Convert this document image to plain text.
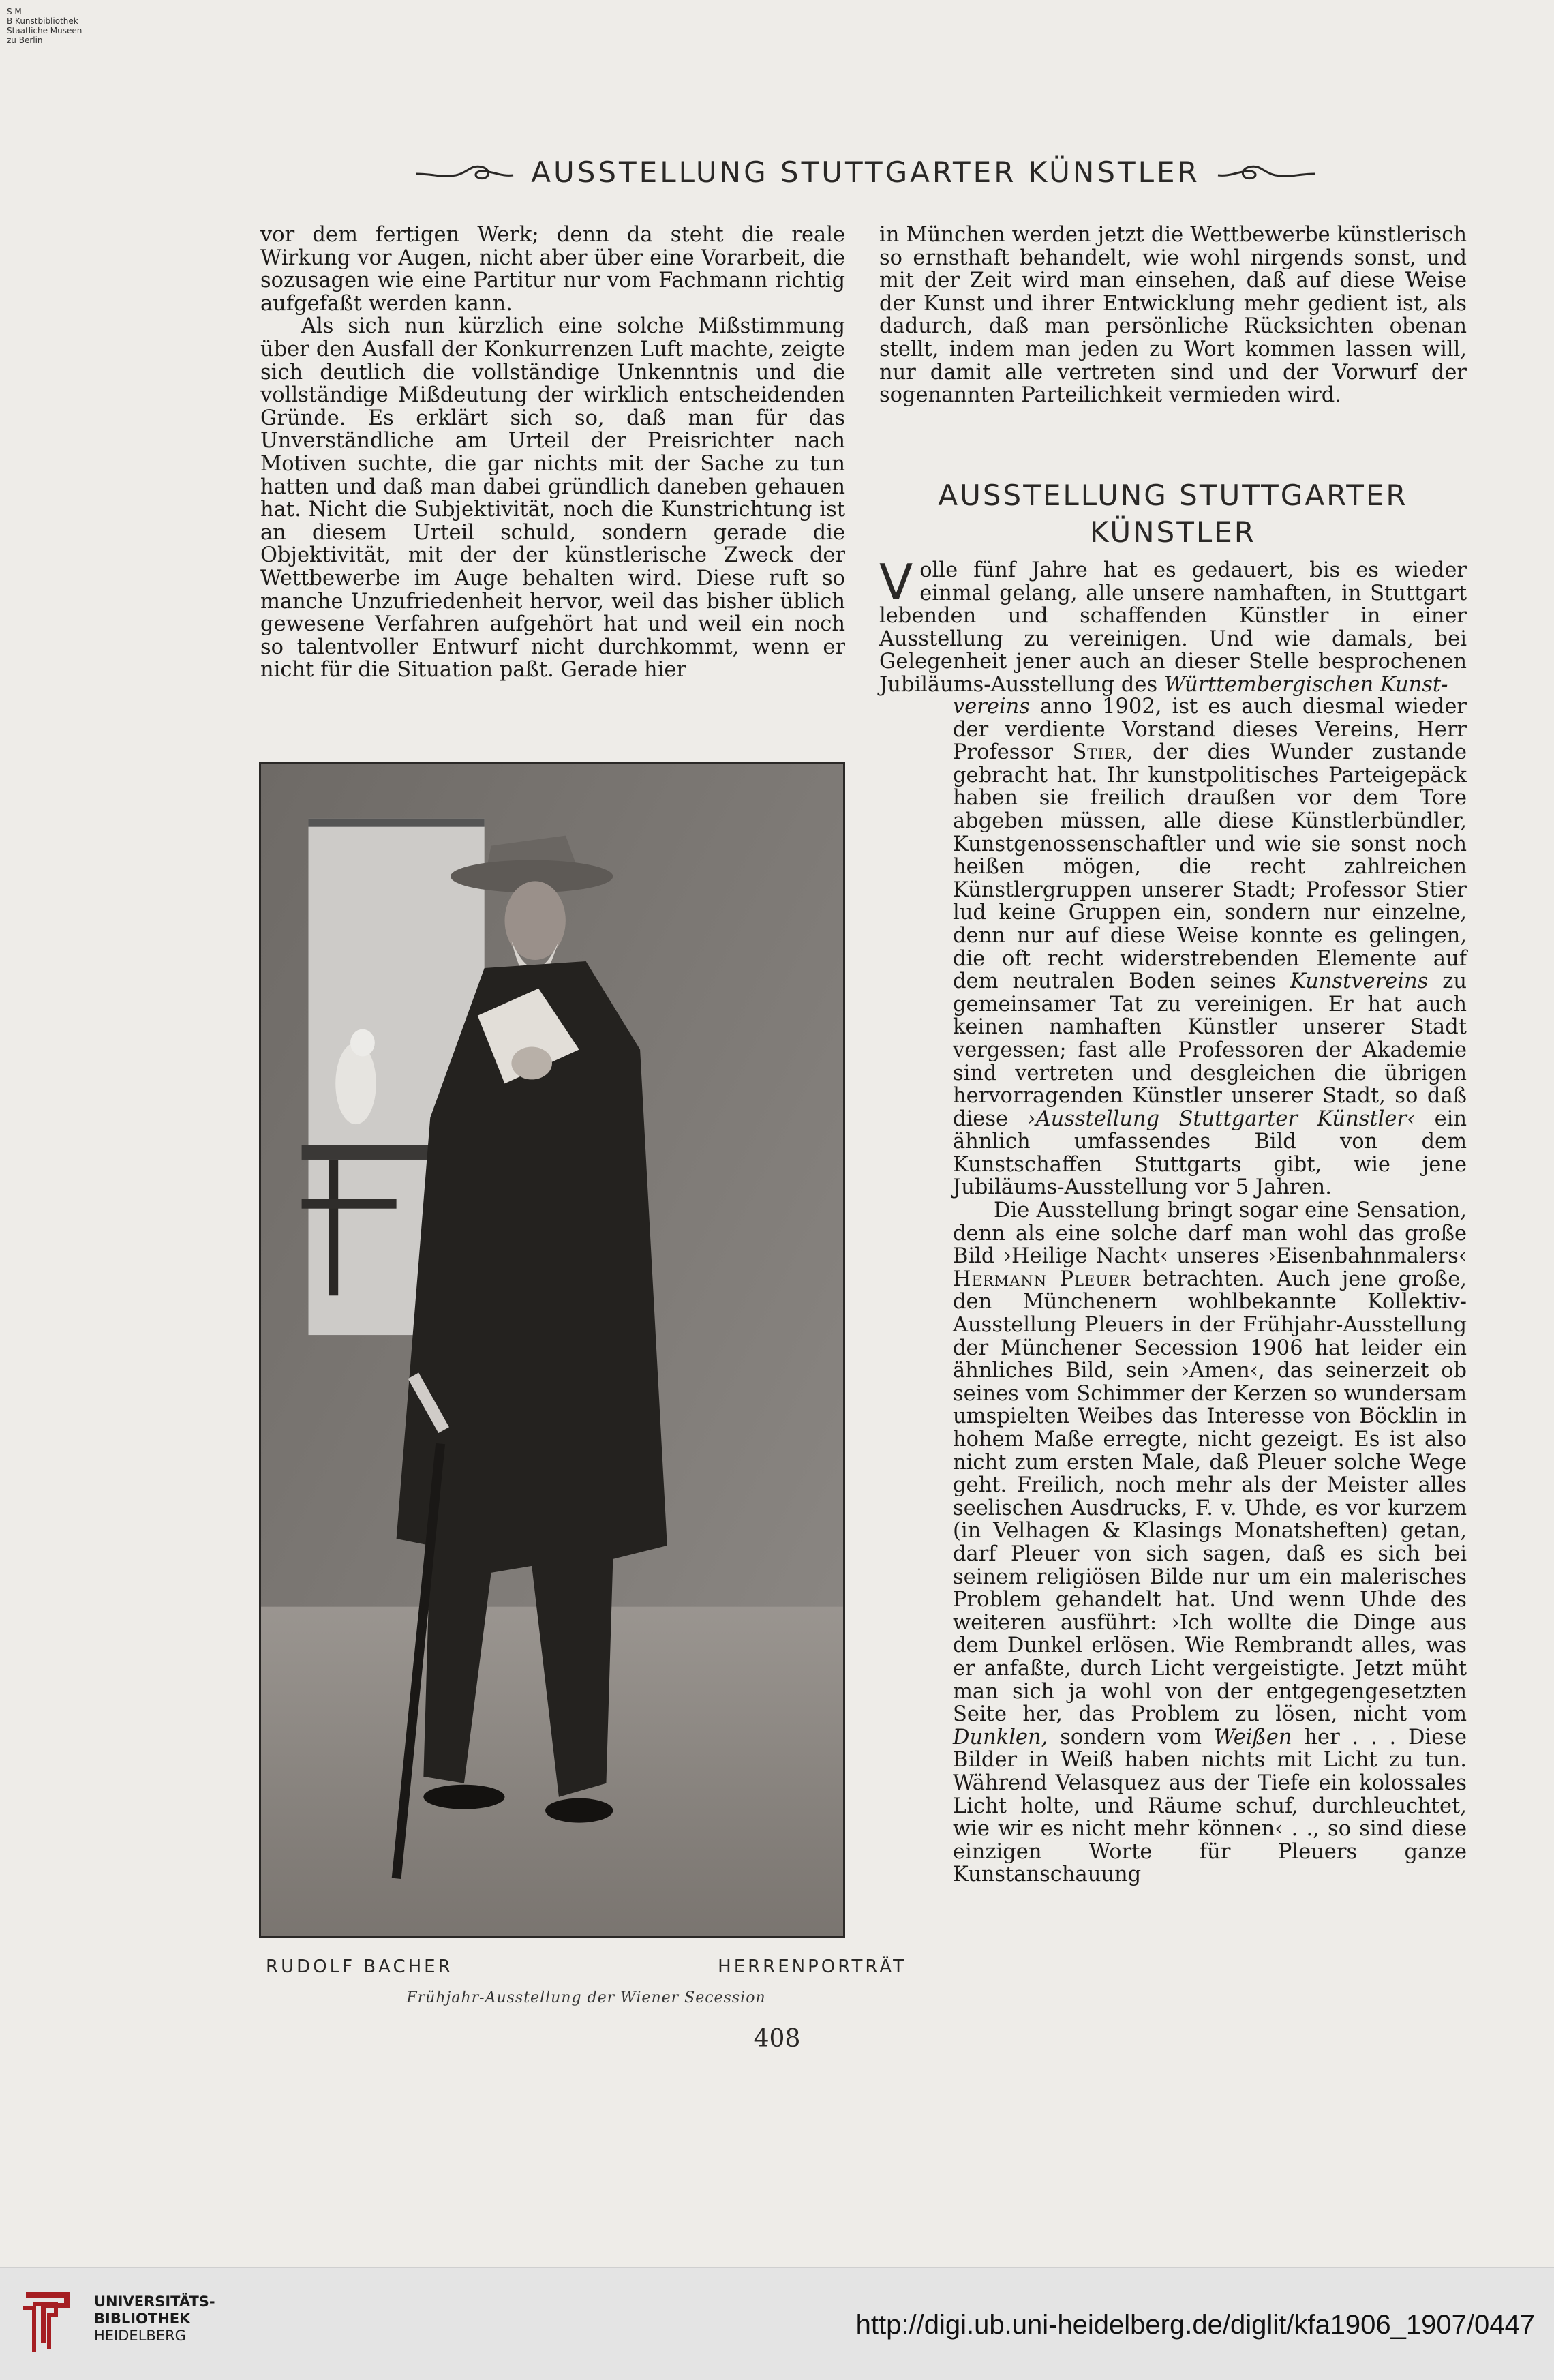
S M
B Kunstbibliothek
Staatliche Museen
zu Berlin
AUSSTELLUNG STUTTGARTER KÜNSTLER

vor dem fertigen Werk; denn da steht die reale Wirkung vor Augen, nicht aber über eine Vorarbeit, die sozusagen wie eine Partitur nur vom Fachmann richtig aufgefaßt werden kann.

Als sich nun kürzlich eine solche Mißstimmung über den Ausfall der Konkurrenzen Luft machte, zeigte sich deutlich die vollständige Unkenntnis und die vollständige Mißdeutung der wirklich entscheidenden Gründe. Es erklärt sich so, daß man für das Unverständliche am Urteil der Preisrichter nach Motiven suchte, die gar nichts mit der Sache zu tun hatten und daß man dabei gründlich daneben gehauen hat. Nicht die Subjektivität, noch die Kunstrichtung ist an diesem Urteil schuld, sondern gerade die Objektivität, mit der der künstlerische Zweck der Wettbewerbe im Auge behalten wird. Diese ruft so manche Unzufriedenheit hervor, weil das bisher üblich gewesene Verfahren aufgehört hat und weil ein noch so talentvoller Entwurf nicht durchkommt, wenn er nicht für die Situation paßt. Gerade hier

in München werden jetzt die Wettbewerbe künstlerisch so ernsthaft behandelt, wie wohl nirgends sonst, und mit der Zeit wird man einsehen, daß auf diese Weise der Kunst und ihrer Entwicklung mehr gedient ist, als dadurch, daß man persönliche Rücksichten obenan stellt, indem man jeden zu Wort kommen lassen will, nur damit alle vertreten sind und der Vorwurf der sogenannten Parteilichkeit vermieden wird.

AUSSTELLUNG STUTTGARTER
KÜNSTLER
V olle fünf Jahre hat es gedauert, bis es wieder einmal gelang, alle unsere namhaften, in Stuttgart lebenden und schaffenden Künstler in einer Ausstellung zu vereinigen. Und wie damals, bei Gelegenheit jener auch an dieser Stelle besprochenen Jubiläums-Ausstellung des Württembergischen Kunst-

vereins anno 1902, ist es auch diesmal wieder der verdiente Vorstand dieses Vereins, Herr Professor Stier, der dies Wunder zustande gebracht hat. Ihr kunstpolitisches Parteigepäck haben sie freilich draußen vor dem Tore abgeben müssen, alle diese Künstlerbündler, Kunstgenossenschaftler und wie sie sonst noch heißen mögen, die recht zahlreichen Künstlergruppen unserer Stadt; Professor Stier lud keine Gruppen ein, sondern nur einzelne, denn nur auf diese Weise konnte es gelingen, die oft recht widerstrebenden Elemente auf dem neutralen Boden seines Kunstvereins zu gemeinsamer Tat zu vereinigen. Er hat auch keinen namhaften Künstler unserer Stadt vergessen; fast alle Professoren der Akademie sind vertreten und desgleichen die übrigen hervorragenden Künstler unserer Stadt, so daß diese ›Ausstellung Stuttgarter Künstler‹ ein ähnlich umfassendes Bild von dem Kunstschaffen Stuttgarts gibt, wie jene Jubiläums-Ausstellung vor 5 Jahren.

Die Ausstellung bringt sogar eine Sensation, denn als eine solche darf man wohl das große Bild ›Heilige Nacht‹ unseres ›Eisenbahnmalers‹ Hermann Pleuer betrachten. Auch jene große, den Münchenern wohlbekannte Kollektiv-Ausstellung Pleuers in der Frühjahr-Ausstellung der Münchener Secession 1906 hat leider ein ähnliches Bild, sein ›Amen‹, das seinerzeit ob seines vom Schimmer der Kerzen so wundersam umspielten Weibes das Interesse von Böcklin in hohem Maße erregte, nicht gezeigt. Es ist also nicht zum ersten Male, daß Pleuer solche Wege geht. Freilich, noch mehr als der Meister alles seelischen Ausdrucks, F. v. Uhde, es vor kurzem (in Velhagen & Klasings Monatsheften) getan, darf Pleuer von sich sagen, daß es sich bei seinem religiösen Bilde nur um ein malerisches Problem gehandelt hat. Und wenn Uhde des weiteren ausführt: ›Ich wollte die Dinge aus dem Dunkel erlösen. Wie Rembrandt alles, was er anfaßte, durch Licht vergeistigte. Jetzt müht man sich ja wohl von der entgegengesetzten Seite her, das Problem zu lösen, nicht vom Dunklen, sondern vom Weißen her . . . Diese Bilder in Weiß haben nichts mit Licht zu tun. Während Velasquez aus der Tiefe ein kolossales Licht holte, und Räume schuf, durchleuchtet, wie wir es nicht mehr können‹ . ., so sind diese einzigen Worte für Pleuers ganze Kunstanschauung

RUDOLF BACHER	HERRENPORTRÄT
Frühjahr-Ausstellung der Wiener Secession
408
UNIVERSITÄTS-
BIBLIOTHEK
HEIDELBERG	http://digi.ub.uni-heidelberg.de/diglit/kfa1906_1907/0447
